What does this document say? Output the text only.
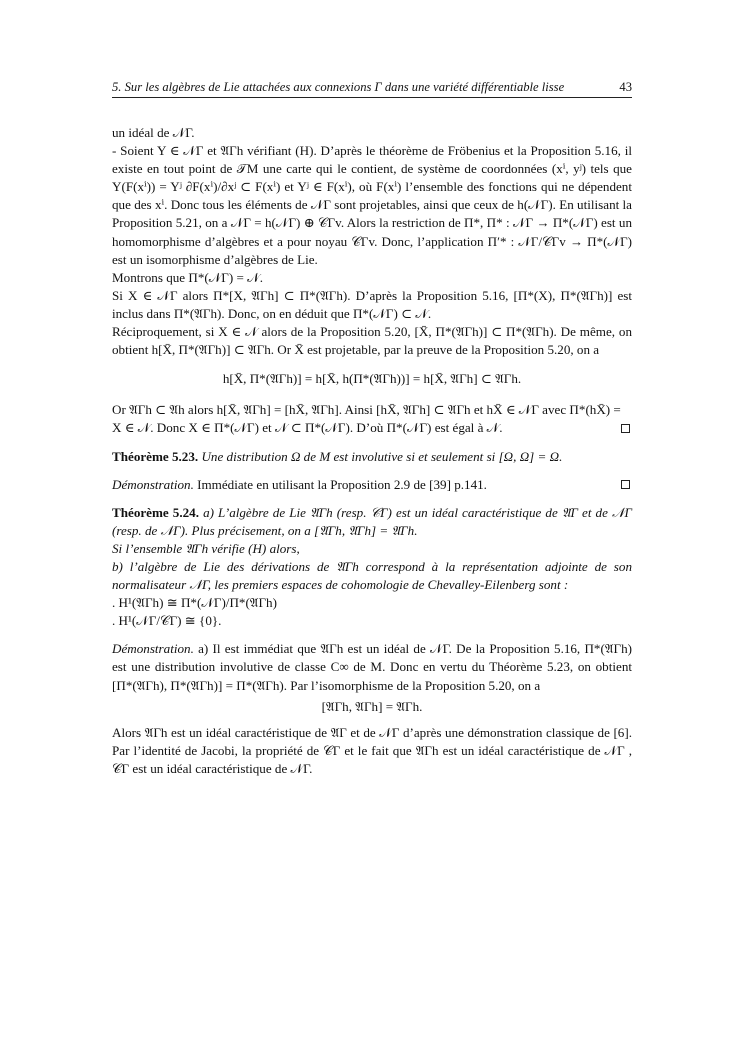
5. Sur les algèbres de Lie attachées aux connexions Γ dans une variété différentiable lisse	43

un idéal de 𝒩Γ.

- Soient Y ∈ 𝒩Γ et 𝔄Γh vérifiant (H). D’après le théorème de Fröbenius et la Proposition 5.16, il existe en tout point de 𝒯M une carte qui le contient, de système de coordonnées (xⁱ, yʲ) tels que Y(F(xⁱ)) = Yʲ ∂F(xⁱ)/∂xʲ ⊂ F(xⁱ) et Yʲ ∈ F(xⁱ), où F(xⁱ) l’ensemble des fonctions qui ne dépendent que des xⁱ. Donc tous les éléments de 𝒩Γ sont projetables, ainsi que ceux de h(𝒩Γ). En utilisant la Proposition 5.21, on a 𝒩Γ = h(𝒩Γ) ⊕ 𝒞Γv. Alors la restriction de Π*, Π* : 𝒩Γ → Π*(𝒩Γ) est un homomorphisme d’algèbres et a pour noyau 𝒞Γv. Donc, l’application Π′* : 𝒩Γ/𝒞Γv → Π*(𝒩Γ) est un isomorphisme d’algèbres de Lie.

Montrons que Π*(𝒩Γ) = 𝒩.

Si X ∈ 𝒩Γ alors Π*[X, 𝔄Γh] ⊂ Π*(𝔄Γh). D’après la Proposition 5.16, [Π*(X), Π*(𝔄Γh)] est inclus dans Π*(𝔄Γh). Donc, on en déduit que Π*(𝒩Γ) ⊂ 𝒩.

Réciproquement, si X ∈ 𝒩 alors de la Proposition 5.20, [X̄, Π*(𝔄Γh)] ⊂ Π*(𝔄Γh). De même, on obtient h[X̄, Π*(𝔄Γh)] ⊂ 𝔄Γh. Or X̄ est projetable, par la preuve de la Proposition 5.20, on a

h[X̄, Π*(𝔄Γh)] = h[X̄, h(Π*(𝔄Γh))] = h[X̄, 𝔄Γh] ⊂ 𝔄Γh.

Or 𝔄Γh ⊂ 𝔄h alors h[X̄, 𝔄Γh] = [hX̄, 𝔄Γh]. Ainsi [hX̄, 𝔄Γh] ⊂ 𝔄Γh et hX̄ ∈ 𝒩Γ avec Π*(hX̄) =

X ∈ 𝒩. Donc X ∈ Π*(𝒩Γ) et 𝒩 ⊂ Π*(𝒩Γ). D’où Π*(𝒩Γ) est égal à 𝒩.

Théorème 5.23. Une distribution Ω de M est involutive si et seulement si [Ω, Ω] = Ω.

Démonstration. Immédiate en utilisant la Proposition 2.9 de [39] p.141.

Théorème 5.24. a) L’algèbre de Lie 𝔄Γh (resp. 𝒞Γ) est un idéal caractéristique de 𝔄Γ et de 𝒩Γ (resp. de 𝒩Γ). Plus précisement, on a [𝔄Γh, 𝔄Γh] = 𝔄Γh.

Si l’ensemble 𝔄Γh vérifie (H) alors,

b) l’algèbre de Lie des dérivations de 𝔄Γh correspond à la représentation adjointe de son normalisateur 𝒩Γ, les premiers espaces de cohomologie de Chevalley-Eilenberg sont :

. H¹(𝔄Γh) ≅ Π*(𝒩Γ)/Π*(𝔄Γh)

. H¹(𝒩Γ/𝒞Γ) ≅ {0}.

Démonstration. a) Il est immédiat que 𝔄Γh est un idéal de 𝒩Γ. De la Proposition 5.16, Π*(𝔄Γh) est une distribution involutive de classe C∞ de M. Donc en vertu du Théorème 5.23, on obtient [Π*(𝔄Γh), Π*(𝔄Γh)] = Π*(𝔄Γh). Par l’isomorphisme de la Proposition 5.20, on a

[𝔄Γh, 𝔄Γh] = 𝔄Γh.

Alors 𝔄Γh est un idéal caractéristique de 𝔄Γ et de 𝒩Γ d’après une démonstration classique de [6]. Par l’identité de Jacobi, la propriété de 𝒞Γ et le fait que 𝔄Γh est un idéal caractéristique de 𝒩Γ , 𝒞Γ est un idéal caractéristique de 𝒩Γ.
